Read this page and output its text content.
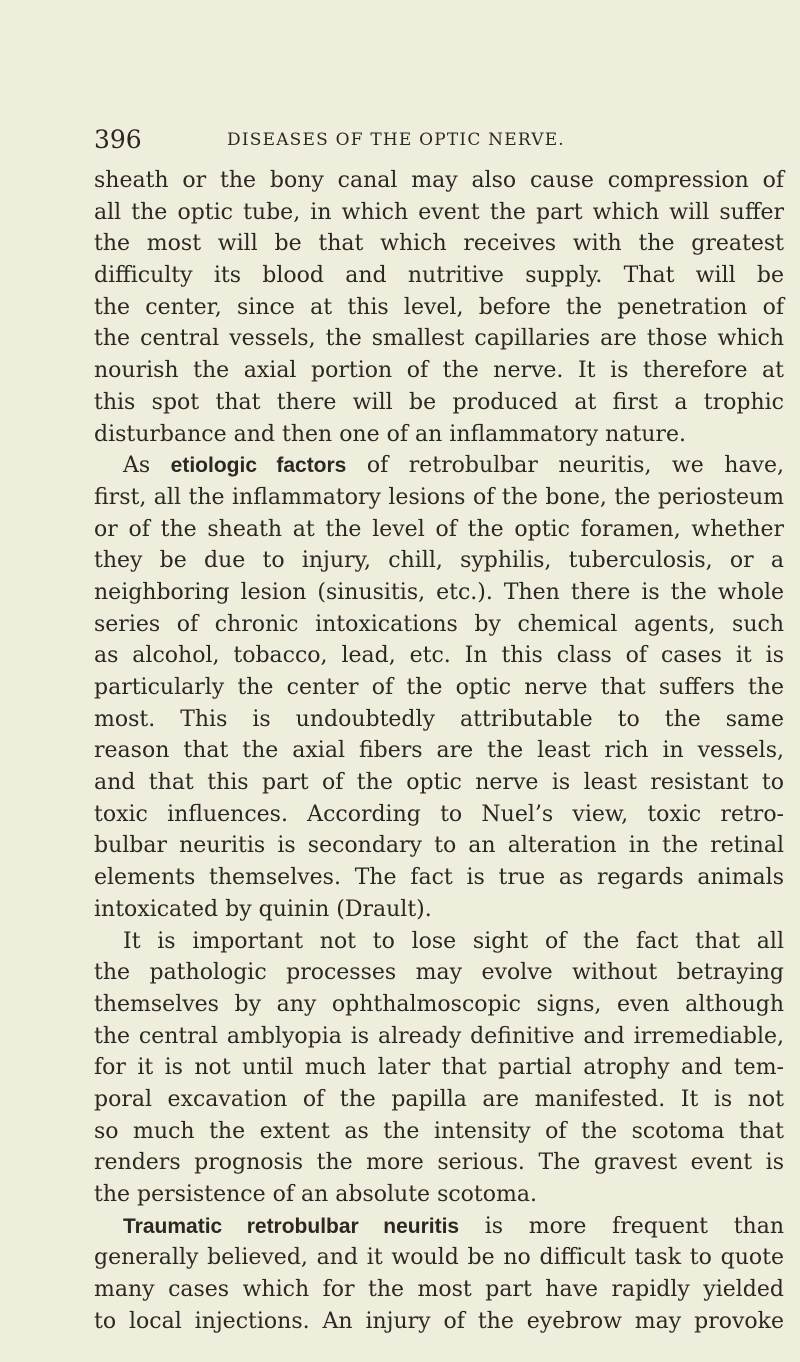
396	DISEASES OF THE OPTIC NERVE.
sheath or the bony canal may also cause compression of
all the optic tube, in which event the part which will suffer
the most will be that which receives with the greatest
difficulty its blood and nutritive supply. That will be
the center, since at this level, before the penetration of
the central vessels, the smallest capillaries are those which
nourish the axial portion of the nerve. It is therefore at
this spot that there will be produced at first a trophic
disturbance and then one of an inflammatory nature.
As etiologic factors of retrobulbar neuritis, we have,
first, all the inflammatory lesions of the bone, the periosteum
or of the sheath at the level of the optic foramen, whether
they be due to injury, chill, syphilis, tuberculosis, or a
neighboring lesion (sinusitis, etc.). Then there is the whole
series of chronic intoxications by chemical agents, such
as alcohol, tobacco, lead, etc. In this class of cases it is
particularly the center of the optic nerve that suffers the
most. This is undoubtedly attributable to the same
reason that the axial fibers are the least rich in vessels,
and that this part of the optic nerve is least resistant to
toxic influences. According to Nuel’s view, toxic retro-
bulbar neuritis is secondary to an alteration in the retinal
elements themselves. The fact is true as regards animals
intoxicated by quinin (Drault).
It is important not to lose sight of the fact that all
the pathologic processes may evolve without betraying
themselves by any ophthalmoscopic signs, even although
the central amblyopia is already definitive and irremediable,
for it is not until much later that partial atrophy and tem-
poral excavation of the papilla are manifested. It is not
so much the extent as the intensity of the scotoma that
renders prognosis the more serious. The gravest event is
the persistence of an absolute scotoma.
Traumatic retrobulbar neuritis is more frequent than
generally believed, and it would be no difficult task to quote
many cases which for the most part have rapidly yielded
to local injections. An injury of the eyebrow may provoke
